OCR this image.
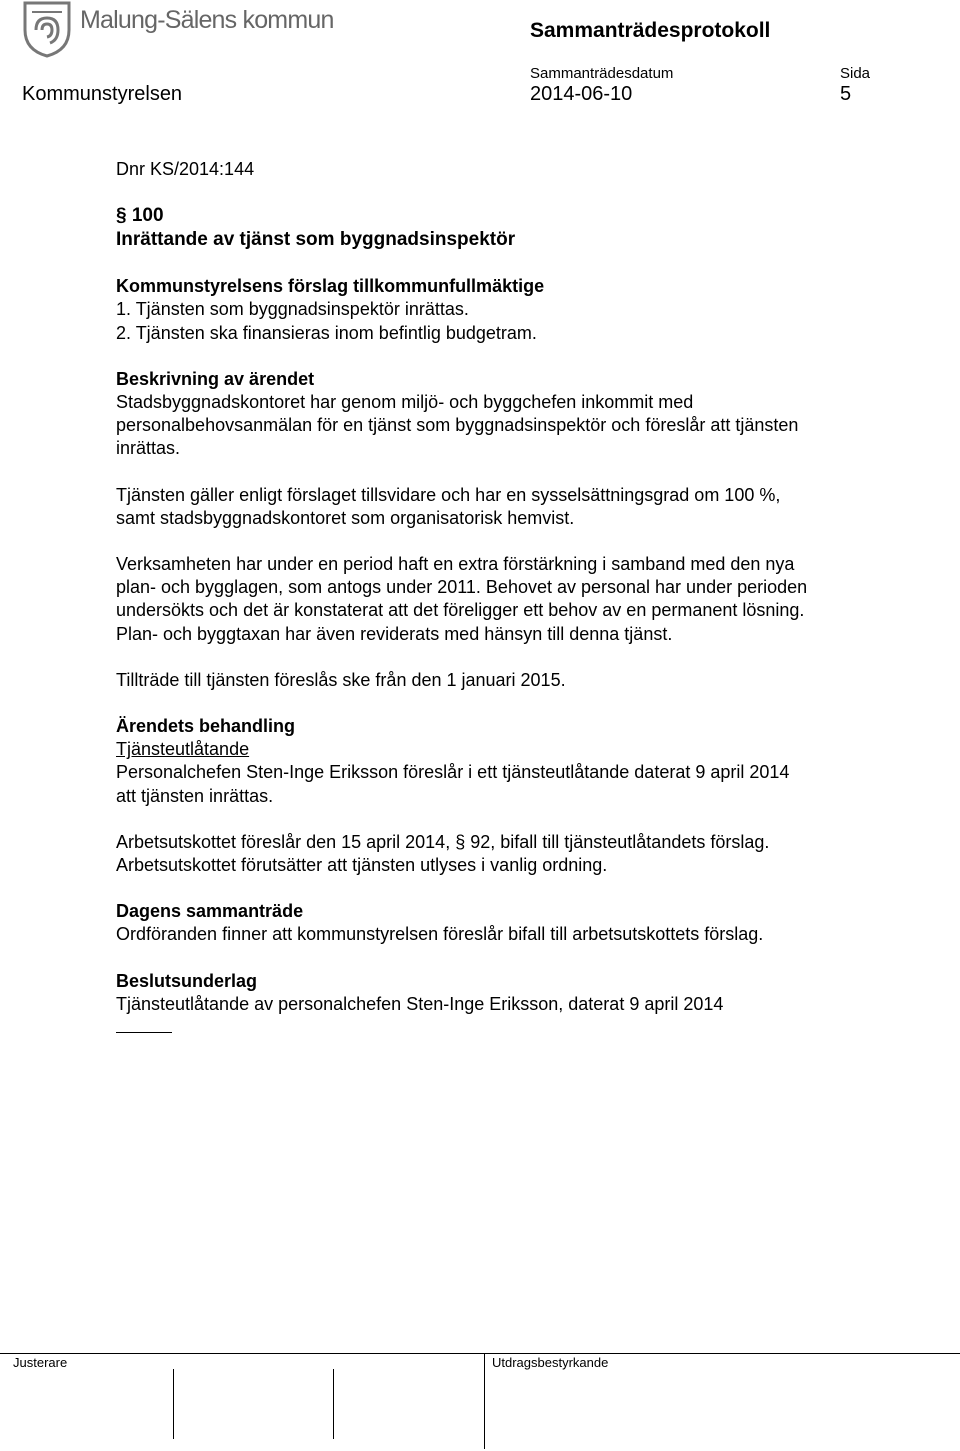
Malung-Sälens kommun	Sammanträdesprotokoll
Sammanträdesdatum	Sida
Kommunstyrelsen	2014-06-10	5

Dnr KS/2014:144

§ 100

Inrättande av tjänst som byggnadsinspektör

Kommunstyrelsens förslag tillkommunfullmäktige

1. Tjänsten som byggnadsinspektör inrättas.

2. Tjänsten ska finansieras inom befintlig budgetram.

Beskrivning av ärendet

Stadsbyggnadskontoret har genom miljö- och byggchefen inkommit med

personalbehovsanmälan för en tjänst som byggnadsinspektör och föreslår att tjänsten

inrättas.

Tjänsten gäller enligt förslaget tillsvidare och har en sysselsättningsgrad om 100 %,

samt stadsbyggnadskontoret som organisatorisk hemvist.

Verksamheten har under en period haft en extra förstärkning i samband med den nya

plan- och bygglagen, som antogs under 2011. Behovet av personal har under perioden

undersökts och det är konstaterat att det föreligger ett behov av en permanent lösning.

Plan- och byggtaxan har även reviderats med hänsyn till denna tjänst.

Tillträde till tjänsten föreslås ske från den 1 januari 2015.

Ärendets behandling

Tjänsteutlåtande

Personalchefen Sten-Inge Eriksson föreslår i ett tjänsteutlåtande daterat 9 april 2014

att tjänsten inrättas.

Arbetsutskottet föreslår den 15 april 2014, § 92, bifall till tjänsteutlåtandets förslag.

Arbetsutskottet förutsätter att tjänsten utlyses i vanlig ordning.

Dagens sammanträde

Ordföranden finner att kommunstyrelsen föreslår bifall till arbetsutskottets förslag.

Beslutsunderlag

Tjänsteutlåtande av personalchefen Sten-Inge Eriksson, daterat 9 april 2014

Justerare	Utdragsbestyrkande
